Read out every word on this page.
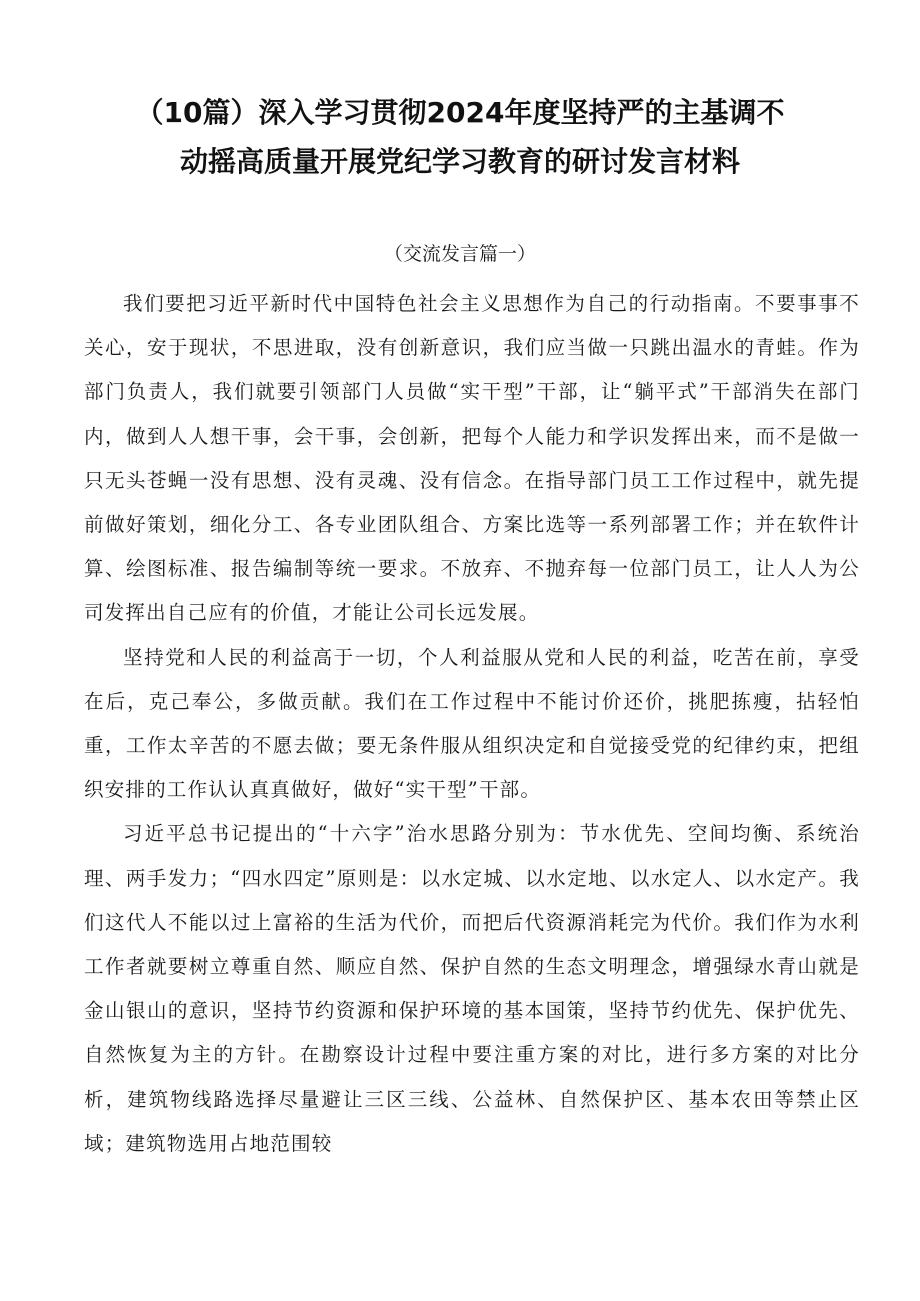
（10篇）深入学习贯彻2024年度坚持严的主基调不
动摇高质量开展党纪学习教育的研讨发言材料
（交流发言篇一）

我们要把习近平新时代中国特色社会主义思想作为自己的行动指南。不要事事不关心，安于现状，不思进取，没有创新意识，我们应当做一只跳出温水的青蛙。作为部门负责人，我们就要引领部门人员做“实干型”干部，让“躺平式”干部消失在部门内，做到人人想干事，会干事，会创新，把每个人能力和学识发挥出来，而不是做一只无头苍蝇一没有思想、没有灵魂、没有信念。在指导部门员工工作过程中，就先提前做好策划，细化分工、各专业团队组合、方案比选等一系列部署工作；并在软件计算、绘图标准、报告编制等统一要求。不放弃、不抛弃每一位部门员工，让人人为公司发挥出自己应有的价值，才能让公司长远发展。

坚持党和人民的利益高于一切，个人利益服从党和人民的利益，吃苦在前，享受在后，克己奉公，多做贡献。我们在工作过程中不能讨价还价，挑肥拣瘦，拈轻怕重，工作太辛苦的不愿去做；要无条件服从组织决定和自觉接受党的纪律约束，把组织安排的工作认认真真做好，做好“实干型”干部。

习近平总书记提出的“十六字”治水思路分别为：节水优先、空间均衡、系统治理、两手发力；“四水四定”原则是：以水定城、以水定地、以水定人、以水定产。我们这代人不能以过上富裕的生活为代价，而把后代资源消耗完为代价。我们作为水利工作者就要树立尊重自然、顺应自然、保护自然的生态文明理念，增强绿水青山就是金山银山的意识，坚持节约资源和保护环境的基本国策，坚持节约优先、保护优先、自然恢复为主的方针。在勘察设计过程中要注重方案的对比，进行多方案的对比分析，建筑物线路选择尽量避让三区三线、公益林、自然保护区、基本农田等禁止区域；建筑物选用占地范围较
